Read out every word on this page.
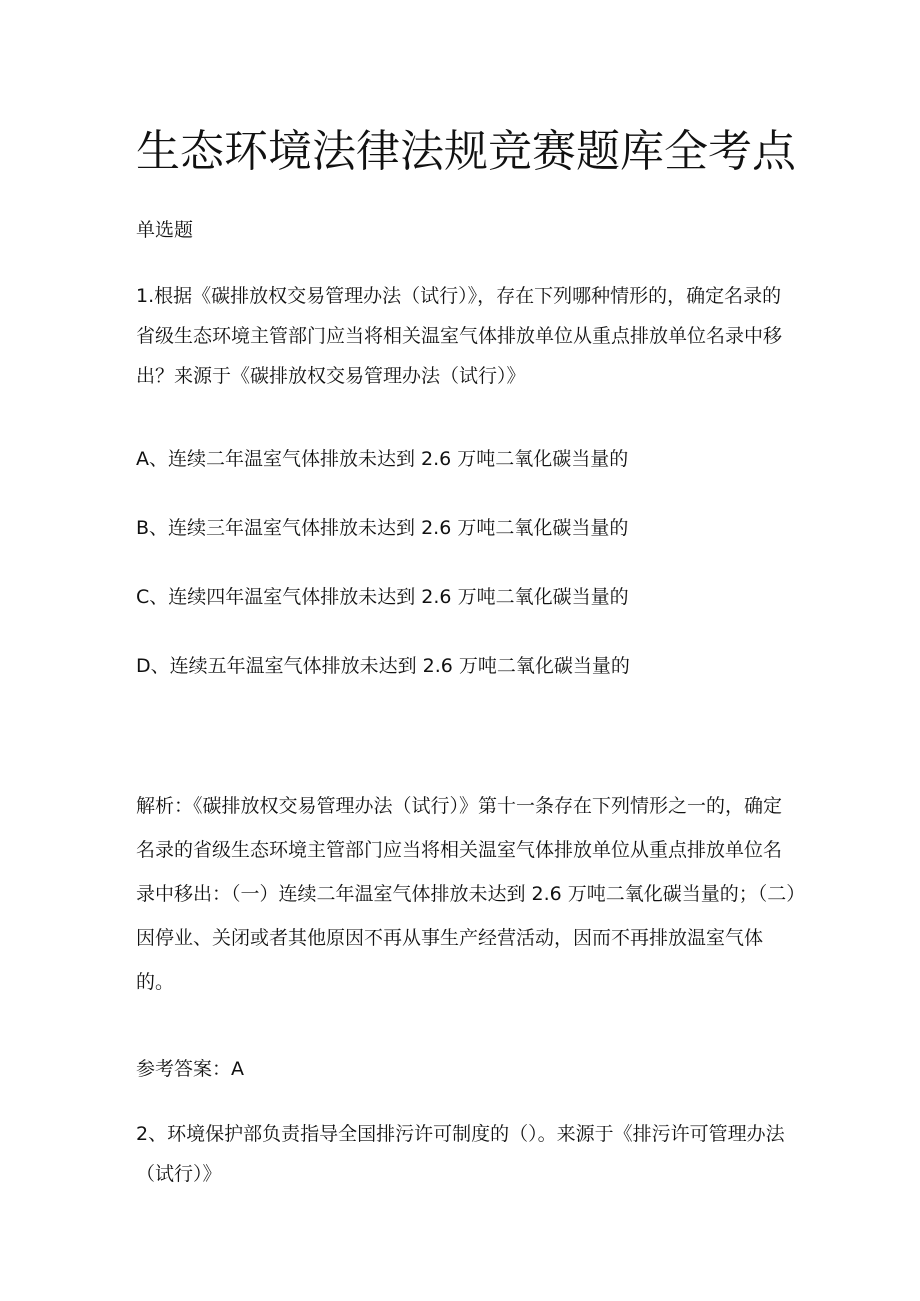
生态环境法律法规竞赛题库全考点

单选题

1.根据《碳排放权交易管理办法（试行）》，存在下列哪种情形的，确定名录的省级生态环境主管部门应当将相关温室气体排放单位从重点排放单位名录中移出？来源于《碳排放权交易管理办法（试行）》

A、连续二年温室气体排放未达到 2.6 万吨二氧化碳当量的

B、连续三年温室气体排放未达到 2.6 万吨二氧化碳当量的

C、连续四年温室气体排放未达到 2.6 万吨二氧化碳当量的

D、连续五年温室气体排放未达到 2.6 万吨二氧化碳当量的

解析：《碳排放权交易管理办法（试行）》第十一条存在下列情形之一的，确定名录的省级生态环境主管部门应当将相关温室气体排放单位从重点排放单位名录中移出：（一）连续二年温室气体排放未达到 2.6 万吨二氧化碳当量的；（二）因停业、关闭或者其他原因不再从事生产经营活动，因而不再排放温室气体的。

参考答案：A

2、环境保护部负责指导全国排污许可制度的（）。来源于《排污许可管理办法（试行）》
